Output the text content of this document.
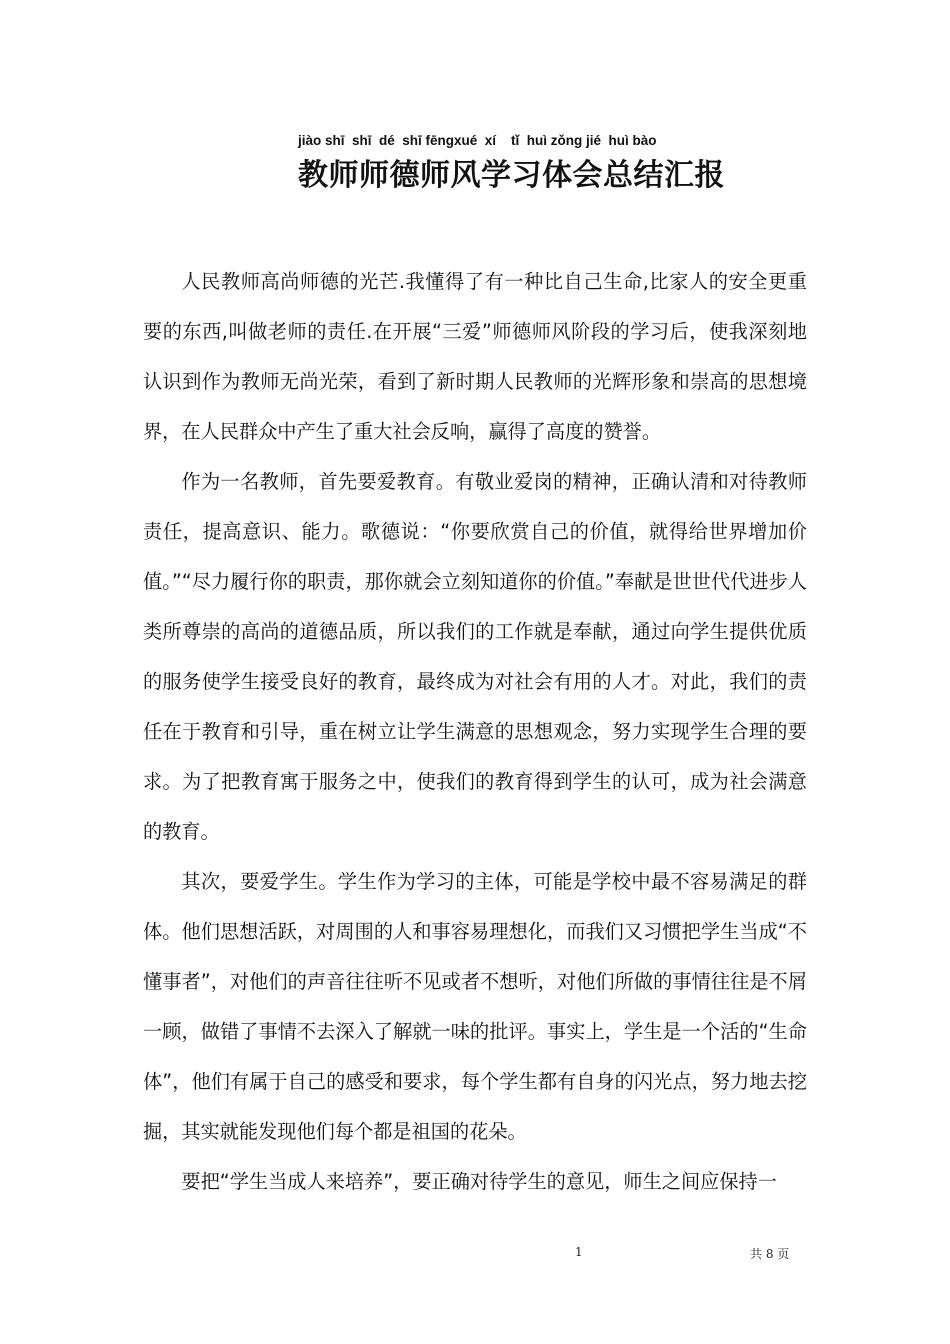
jiào shī  shī  dé  shī fēngxué  xí    tǐ  huì zǒng jié  huì bào
教师师德师风学习体会总结汇报

人民教师高尚师德的光芒.我懂得了有一种比自己生命,比家人的安全更重要的东西,叫做老师的责任.在开展“三爱”师德师风阶段的学习后，使我深刻地认识到作为教师无尚光荣，看到了新时期人民教师的光辉形象和崇高的思想境界，在人民群众中产生了重大社会反响，赢得了高度的赞誉。

作为一名教师，首先要爱教育。有敬业爱岗的精神，正确认清和对待教师责任，提高意识、能力。歌德说：“你要欣赏自己的价值，就得给世界增加价值。”“尽力履行你的职责，那你就会立刻知道你的价值。”奉献是世世代代进步人类所尊崇的高尚的道德品质，所以我们的工作就是奉献，通过向学生提供优质的服务使学生接受良好的教育，最终成为对社会有用的人才。对此，我们的责任在于教育和引导，重在树立让学生满意的思想观念，努力实现学生合理的要求。为了把教育寓于服务之中，使我们的教育得到学生的认可，成为社会满意的教育。

其次，要爱学生。学生作为学习的主体，可能是学校中最不容易满足的群体。他们思想活跃，对周围的人和事容易理想化，而我们又习惯把学生当成“不懂事者”，对他们的声音往往听不见或者不想听，对他们所做的事情往往是不屑一顾，做错了事情不去深入了解就一味的批评。事实上，学生是一个活的“生命体”，他们有属于自己的感受和要求，每个学生都有自身的闪光点，努力地去挖掘，其实就能发现他们每个都是祖国的花朵。

要把“学生当成人来培养”，要正确对待学生的意见，师生之间应保持一

1	共 8 页
